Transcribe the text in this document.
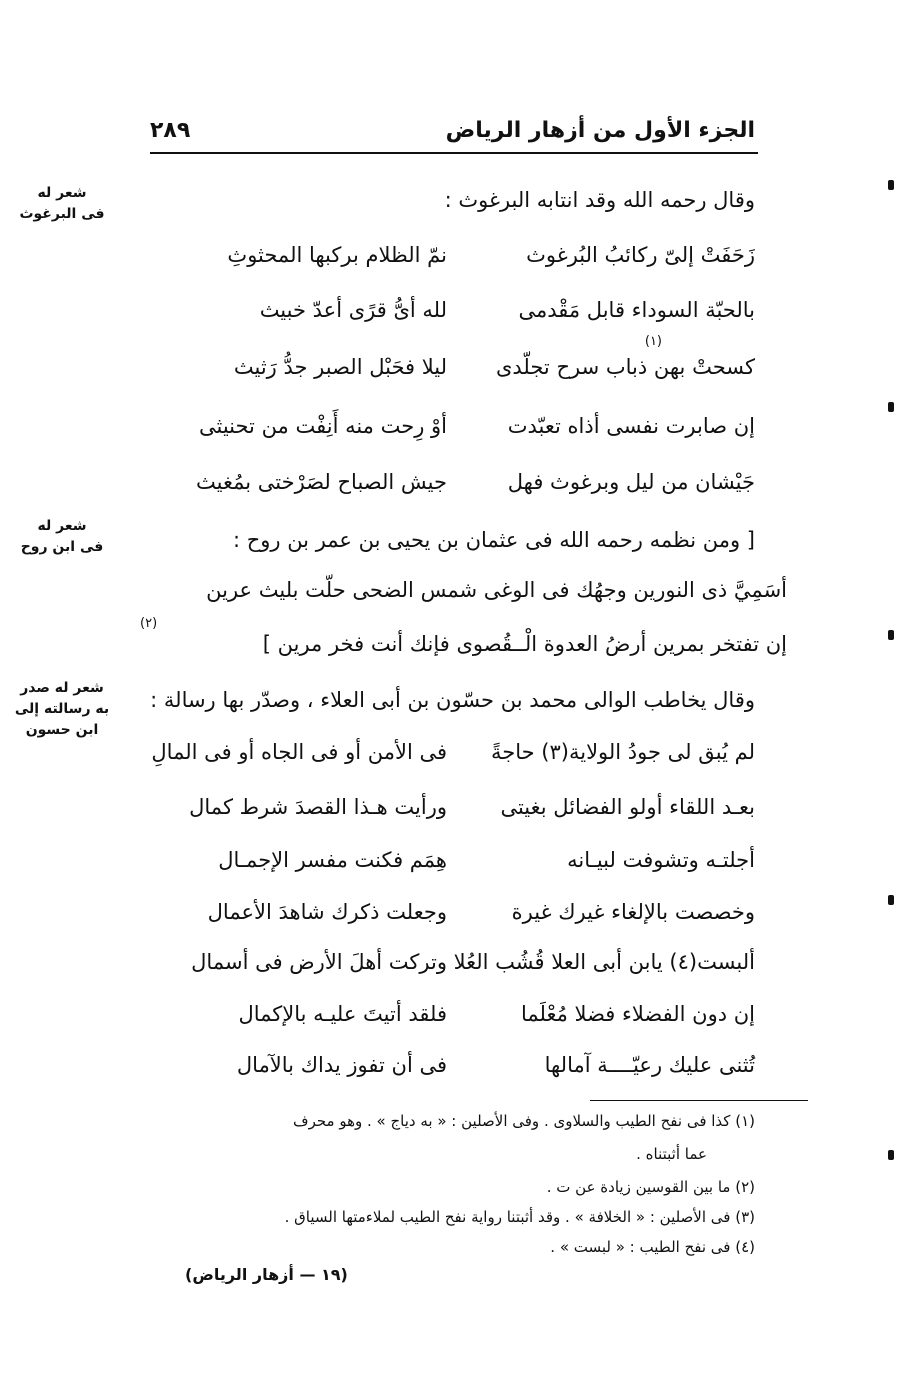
الجزء الأول من أزهار الرياض
٢٨٩
شعر له
فى البرغوث
شعر له
فى ابن روح
شعر له صدر
به رسالته إلى
ابن حسون
وقال رحمه الله وقد انتابه البرغوث :
زَحَفَتْ إلىّ ركائبُ البُرغوث
نمّ الظلام بركبها المحثوثِ
بالحبّة السوداء قابل مَقْدمى
لله أىُّ قرًى أعدّ خبيث
(١)
كسحتْ بهن ذباب سرح تجلّدى
ليلا فحَبْل الصبر جدُّ رَثيث
إن صابرت نفسى أذاه تعبّدت
أوْ رِحت منه أَنِفْت من تحنيثى
جَيْشان من ليل وبرغوث فهل
جيش الصباح لصَرْختى بمُغيث
[ ومن نظمه رحمه الله فى عثمان بن يحيى بن عمر بن روح :
أسَمِيَّ ذى النورين وجهُك فى الوغى شمس الضحى حلّت بليث عرين
إن تفتخر بمرين أرضُ العدوة الْــقُصوى فإنك أنت فخر مرين ]
(٢)
وقال يخاطب الوالى محمد بن حسّون بن أبى العلاء ، وصدّر بها رسالة :
لم يُبق لى جودُ الولاية(٣) حاجةً
فى الأمن أو فى الجاه أو فى المالِ
بعـد اللقاء أولو الفضائل بغيتى
ورأيت هـذا القصدَ شرط كمال
أجلتـه وتشوفت لبيـانه
هِمَم فكنت مفسر الإجمـال
وخصصت بالإلغاء غيرك غيرة
وجعلت ذكرك شاهدَ الأعمال
ألبست(٤) يابن أبى العلا قُشُب العُلا
وتركت أهلَ الأرض فى أسمال
إن دون الفضلاء فضلا مُعْلَما
فلقد أتيتَ عليـه بالإكمال
تُثنى عليك رعيّــــة آمالها
فى أن تفوز يداك بالآمال
(١) كذا فى نفح الطيب والسلاوى . وفى الأصلين : « به دياج » . وهو محرف
عما أثبتناه .
(٢) ما بين القوسين زيادة عن ت .
(٣) فى الأصلين : « الخلافة » . وقد أثبتنا رواية نفح الطيب لملاءمتها السياق .
(٤) فى نفح الطيب : « لبست » .
(١٩ — أزهار الرياض)
